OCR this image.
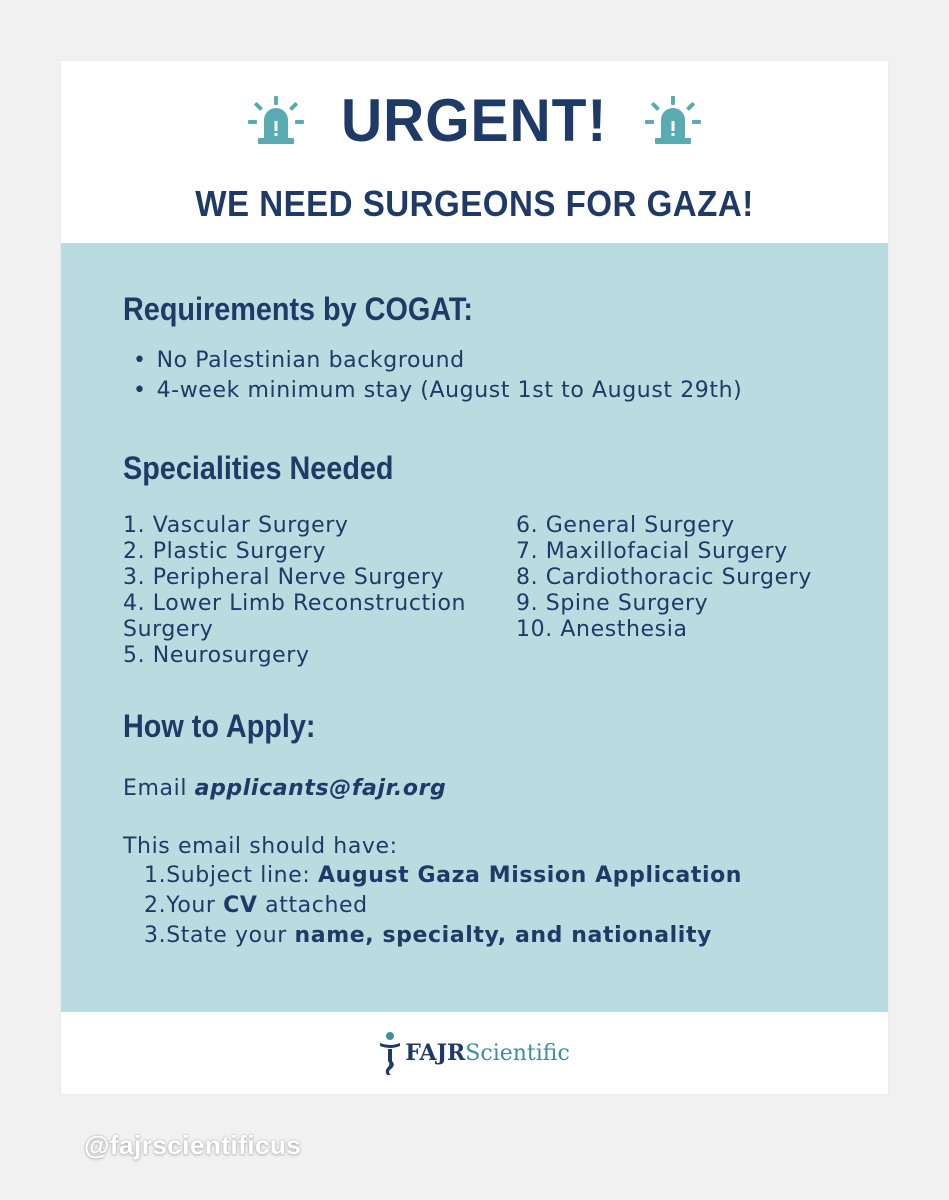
URGENT!
WE NEED SURGEONS FOR GAZA!
Requirements by COGAT:
• No Palestinian background
• 4-week minimum stay (August 1st to August 29th)
Specialities Needed
1. Vascular Surgery
2. Plastic Surgery
3. Peripheral Nerve Surgery
4. Lower Limb Reconstruction Surgery
5. Neurosurgery
6. General Surgery
7. Maxillofacial Surgery
8. Cardiothoracic Surgery
9. Spine Surgery
10. Anesthesia
How to Apply:
Email applicants@fajr.org
This email should have:
1.Subject line: August Gaza Mission Application
2.Your CV attached
3.State your name, specialty, and nationality
FAJR Scientific
@fajrscientificus
